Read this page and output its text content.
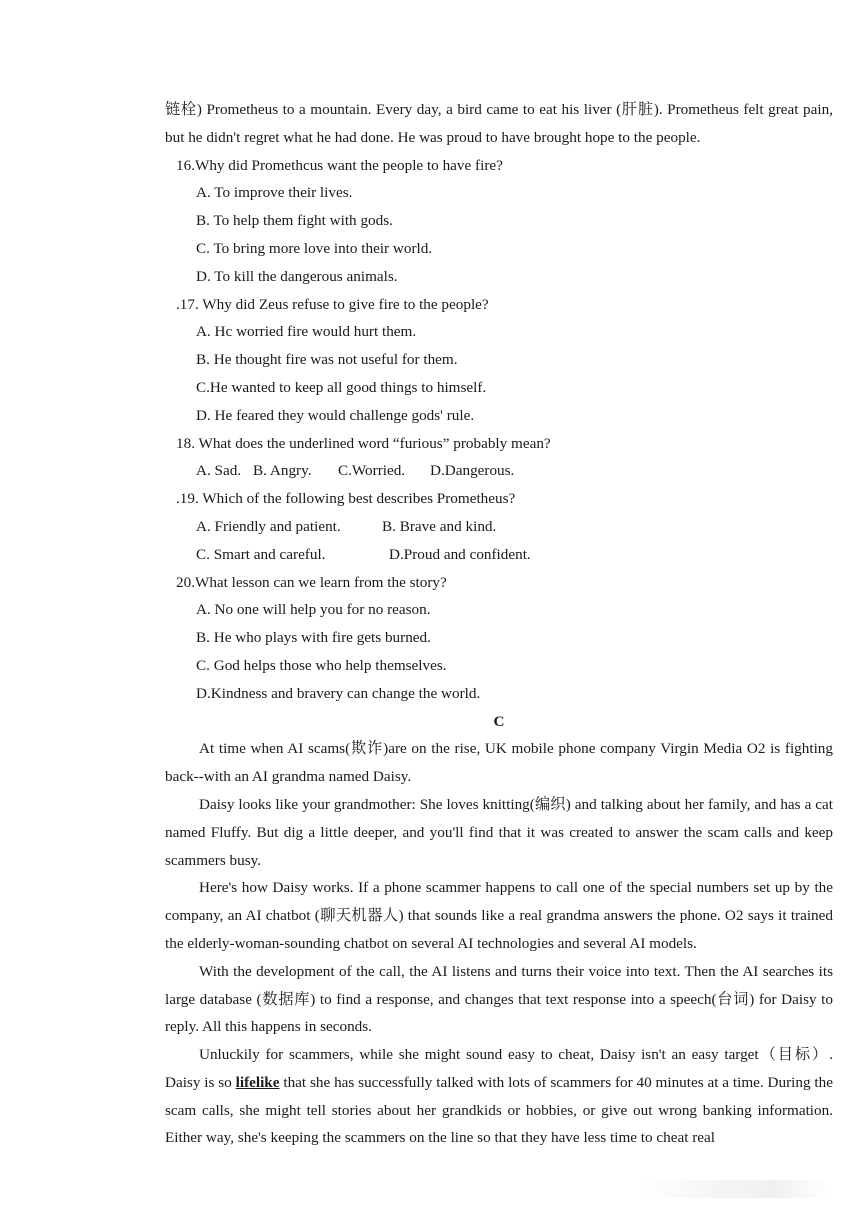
链栓) Prometheus to a mountain. Every day, a bird came to eat his liver (肝脏). Prometheus felt great pain, but he didn't regret what he had done. He was proud to have brought hope to the people.

16.Why did Promethcus want the people to have fire?

A. To improve their lives.

B. To help them fight with gods.

C. To bring more love into their world.

D. To kill the dangerous animals.

.17. Why did Zeus refuse to give fire to the people?

A. Hc worried fire would hurt them.

B. He thought fire was not useful for them.

C.He wanted to keep all good things to himself.

D. He feared they would challenge gods' rule.

18. What does the underlined word “furious” probably mean?

A. Sad. B. Angry.	C.Worried.	D.Dangerous.

.19. Which of the following best describes Prometheus?

A. Friendly and patient.	B. Brave and kind.
C. Smart and careful.	D.Proud and confident.

20.What lesson can we learn from the story?

A. No one will help you for no reason.

B. He who plays with fire gets burned.

C. God helps those who help themselves.

D.Kindness and bravery can change the world.

C

At time when AI scams(欺诈)are on the rise, UK mobile phone company Virgin Media O2 is fighting back--with an AI grandma named Daisy.

Daisy looks like your grandmother: She loves knitting(编织) and talking about her family, and has a cat named Fluffy. But dig a little deeper, and you'll find that it was created to answer the scam calls and keep scammers busy.

Here's how Daisy works. If a phone scammer happens to call one of the special numbers set up by the company, an AI chatbot (聊天机器人) that sounds like a real grandma answers the phone. O2 says it trained the elderly-woman-sounding chatbot on several AI technologies and several AI models.

With the development of the call, the AI listens and turns their voice into text. Then the AI searches its large database (数据库) to find a response, and changes that text response into a speech(台词) for Daisy to reply. All this happens in seconds.

Unluckily for scammers, while she might sound easy to cheat, Daisy isn't an easy target（目标）. Daisy is so lifelike that she has successfully talked with lots of scammers for 40 minutes at a time. During the scam calls, she might tell stories about her grandkids or hobbies, or give out wrong banking information. Either way, she's keeping the scammers on the line so that they have less time to cheat real
